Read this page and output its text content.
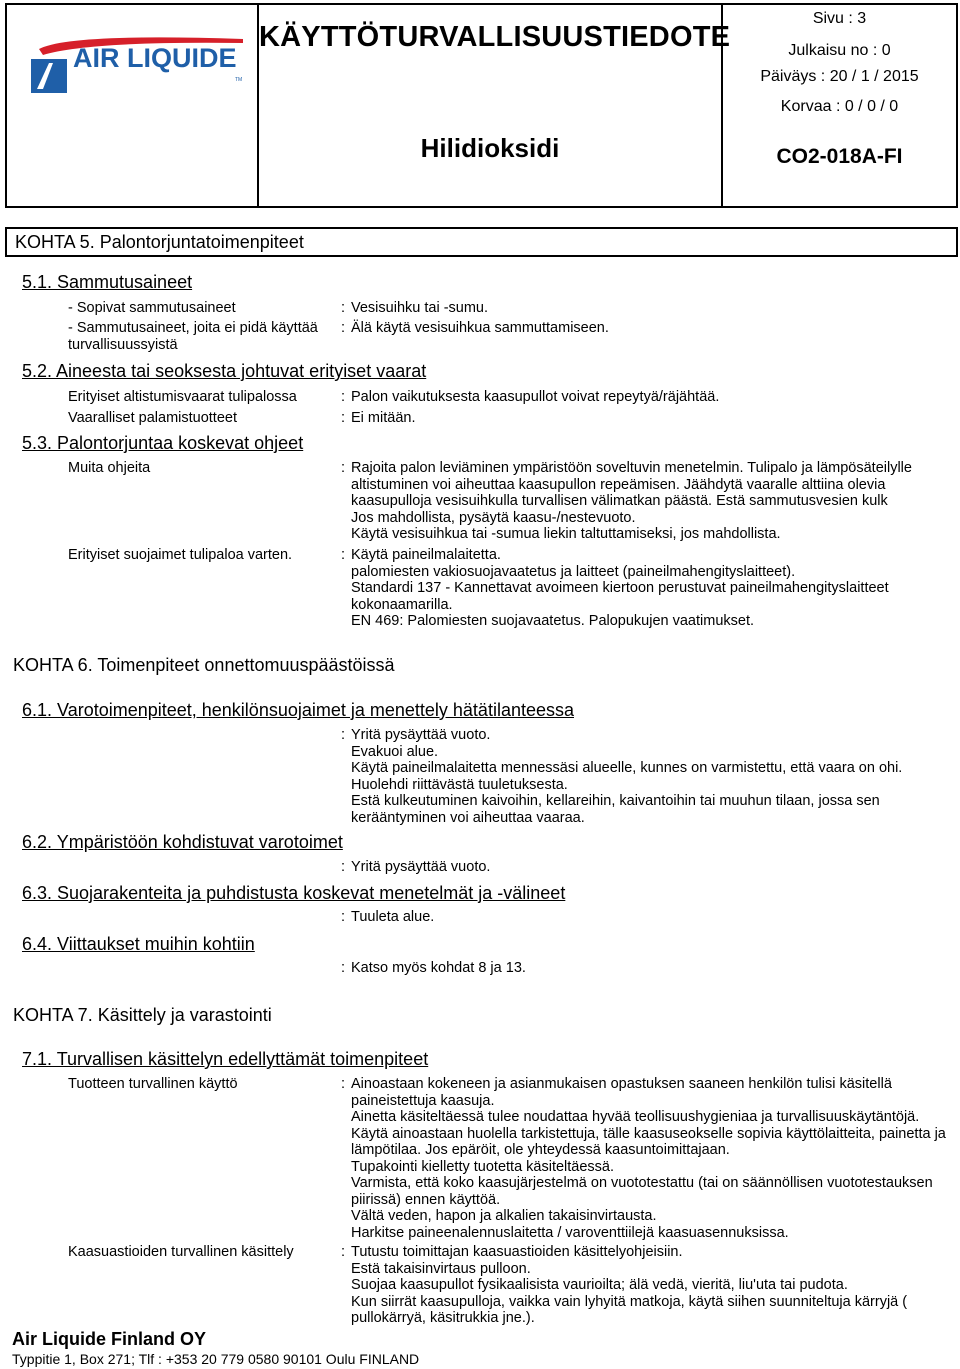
AIR LIQUIDE
TM
KÄYTTÖTURVALLISUUSTIEDOTE
Hilidioksidi
Sivu : 3
Julkaisu no : 0
Päiväys : 20 / 1 / 2015
Korvaa : 0 / 0 / 0
CO2-018A-FI
KOHTA 5. Palontorjuntatoimenpiteet
5.1. Sammutusaineet
- Sopivat sammutusaineet	: Vesisuihku tai -sumu.
- Sammutusaineet, joita ei pidä käyttää
turvallisuussyistä
: Älä käytä vesisuihkua sammuttamiseen.
5.2. Aineesta tai seoksesta johtuvat erityiset vaarat
Erityiset altistumisvaarat tulipalossa	: Palon vaikutuksesta kaasupullot voivat repeytyä/räjähtää.
Vaaralliset palamistuotteet	: Ei mitään.
5.3. Palontorjuntaa koskevat ohjeet
Muita ohjeita	: Rajoita palon leviäminen ympäristöön soveltuvin menetelmin. Tulipalo ja lämpösäteilylle
altistuminen voi aiheuttaa kaasupullon repeämisen. Jäähdytä vaaralle alttiina olevia
kaasupulloja vesisuihkulla turvallisen välimatkan päästä. Estä sammutusvesien kulk
Jos mahdollista, pysäytä kaasu-/nestevuoto.
Käytä vesisuihkua tai -sumua liekin taltuttamiseksi, jos mahdollista.
Erityiset suojaimet tulipaloa varten.	: Käytä paineilmalaitetta.
palomiesten vakiosuojavaatetus ja laitteet (paineilmahengityslaitteet).
Standardi 137 - Kannettavat avoimeen kiertoon perustuvat paineilmahengityslaitteet
kokonaamarilla.
EN 469: Palomiesten suojavaatetus. Palopukujen vaatimukset.
KOHTA 6. Toimenpiteet onnettomuuspäästöissä
6.1. Varotoimenpiteet, henkilönsuojaimet ja menettely hätätilanteessa
: Yritä pysäyttää vuoto.
Evakuoi alue.
Käytä paineilmalaitetta mennessäsi alueelle, kunnes on varmistettu, että vaara on ohi.
Huolehdi riittävästä tuuletuksesta.
Estä kulkeutuminen kaivoihin, kellareihin, kaivantoihin tai muuhun tilaan, jossa sen
kerääntyminen voi aiheuttaa vaaraa.
6.2. Ympäristöön kohdistuvat varotoimet
: Yritä pysäyttää vuoto.
6.3. Suojarakenteita ja puhdistusta koskevat menetelmät ja -välineet
: Tuuleta alue.
6.4. Viittaukset muihin kohtiin
: Katso myös kohdat 8 ja 13.
KOHTA 7. Käsittely ja varastointi
7.1. Turvallisen käsittelyn edellyttämät toimenpiteet
Tuotteen turvallinen käyttö	: Ainoastaan kokeneen ja asianmukaisen opastuksen saaneen henkilön tulisi käsitellä
paineistettuja kaasuja.
Ainetta käsiteltäessä tulee noudattaa hyvää teollisuushygieniaa ja turvallisuuskäytäntöjä.
Käytä ainoastaan huolella tarkistettuja, tälle kaasuseokselle sopivia käyttölaitteita, painetta ja
lämpötilaa. Jos epäröit, ole yhteydessä kaasuntoimittajaan.
Tupakointi kielletty tuotetta käsiteltäessä.
Varmista, että koko kaasujärjestelmä on vuototestattu (tai on säännöllisen vuototestauksen
piirissä) ennen käyttöä.
Vältä veden, hapon ja alkalien takaisinvirtausta.
Harkitse paineenalennuslaitetta / varoventtiilejä kaasuasennuksissa.
Kaasuastioiden turvallinen käsittely	: Tutustu toimittajan kaasuastioiden käsittelyohjeisiin.
Estä takaisinvirtaus pulloon.
Suojaa kaasupullot fysikaalisista vaurioilta; älä vedä, vieritä, liu'uta tai pudota.
Kun siirrät kaasupulloja, vaikka vain lyhyitä matkoja, käytä siihen suunniteltuja kärryjä (
pullokärryä, käsitrukkia jne.).
Air Liquide Finland OY
Typpitie 1, Box 271; Tlf : +353 20 779 0580 90101 Oulu FINLAND
